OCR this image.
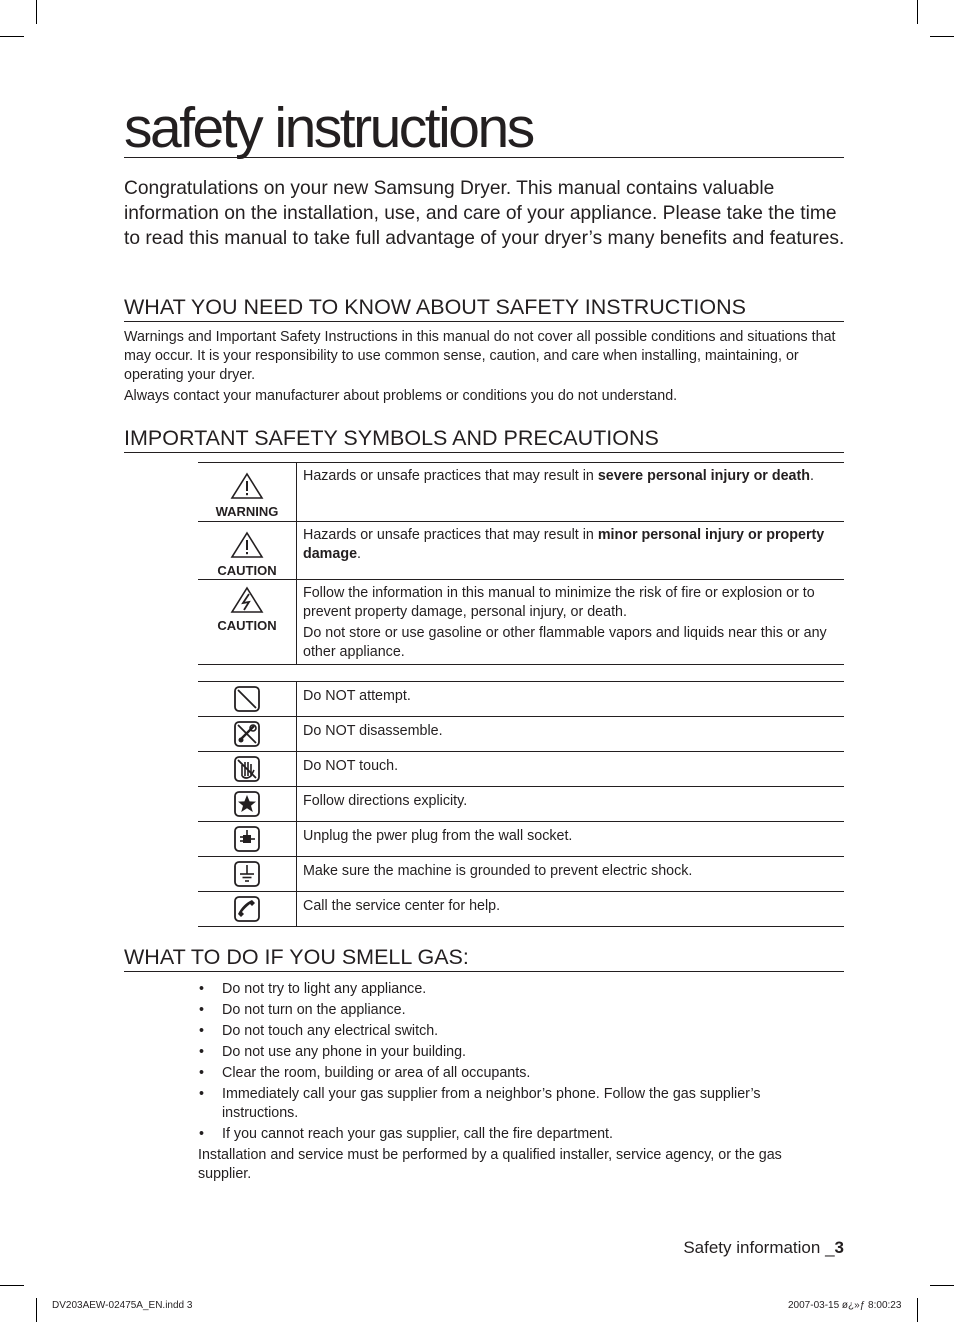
safety instructions

Congratulations on your new Samsung Dryer. This manual contains valuable information on the installation, use, and care of your appliance. Please take the time to read this manual to take full advantage of your dryer’s many benefits and features.

WHAT YOU NEED TO KNOW ABOUT SAFETY INSTRUCTIONS

Warnings and Important Safety Instructions in this manual do not cover all possible conditions and situations that may occur. It is your responsibility to use common sense, caution, and care when installing, maintaining, or operating your dryer.

Always contact your manufacturer about problems or conditions you do not understand.

IMPORTANT SAFETY SYMBOLS AND PRECAUTIONS
WARNING	Hazards or unsafe practices that may result in severe personal injury or death.

CAUTION	Hazards or unsafe practices that may result in minor personal injury or property damage.

CAUTION	Follow the information in this manual to minimize the risk of fire or explosion or to prevent property damage, personal injury, or death.
Do not store or use gasoline or other flammable vapors and liquids near this or any other appliance.
	Do NOT attempt.
	Do NOT disassemble.
	Do NOT touch.
	Follow directions explicity.
	Unplug the pwer plug from the wall socket.
	Make sure the machine is grounded to prevent electric shock.
	Call the service center for help.
WHAT TO DO IF YOU SMELL GAS:
• Do not try to light any appliance.
• Do not turn on the appliance.
• Do not touch any electrical switch.
• Do not use any phone in your building.
• Clear the room, building or area of all occupants.
• Immediately call your gas supplier from a neighbor’s phone. Follow the gas supplier’s instructions.
• If you cannot reach your gas supplier, call the fire department.

Installation and service must be performed by a qualified installer, service agency, or the gas supplier.

Safety information _3
DV203AEW-02475A_EN.indd 3	2007-03-15 ø¿»ƒ 8:00:23
